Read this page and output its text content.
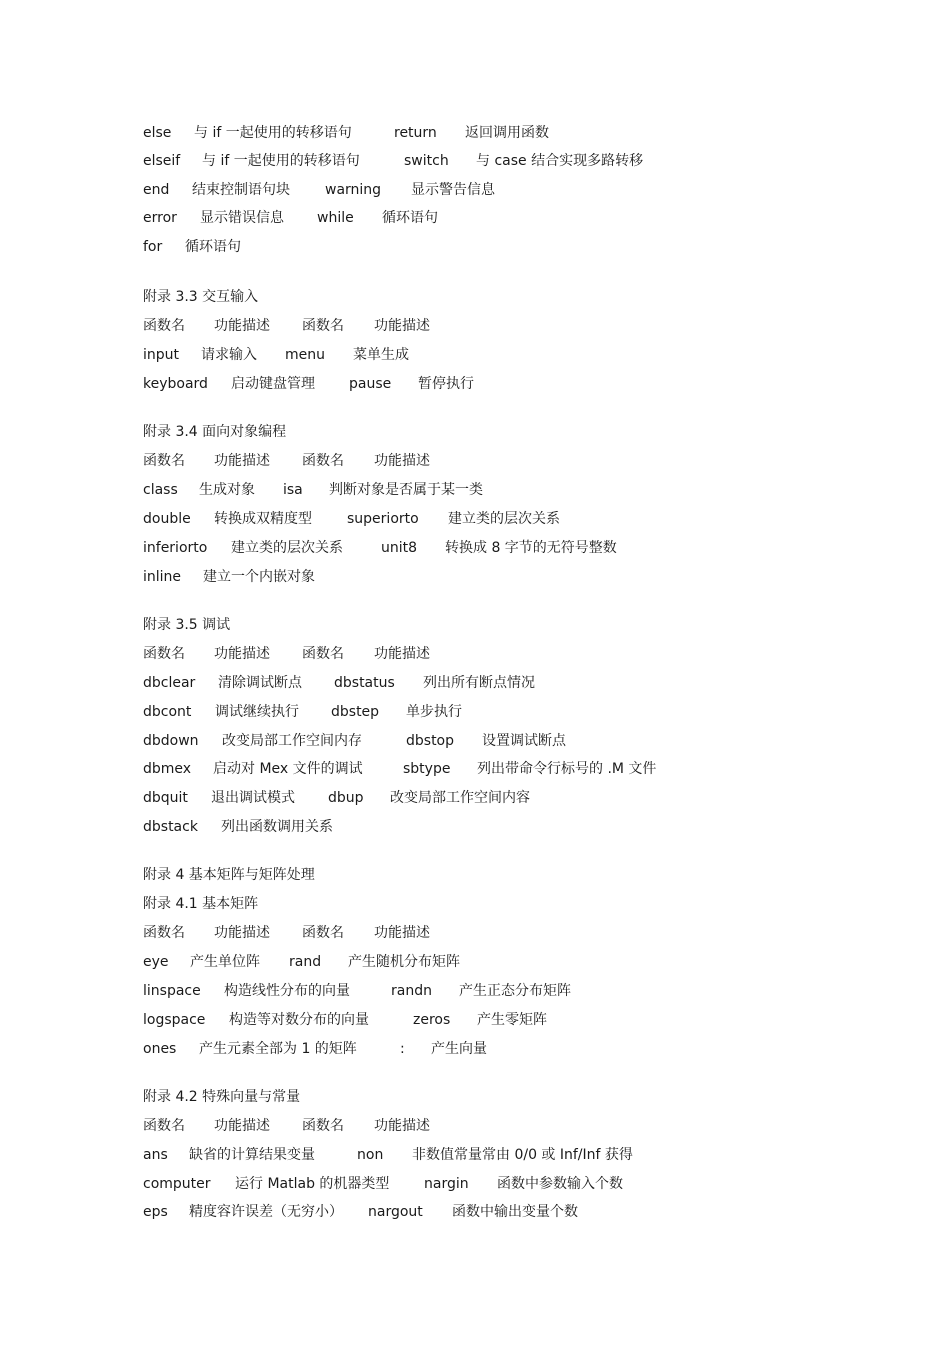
else 与 if 一起使用的转移语句	return 返回调用函数
elseif 与 if 一起使用的转移语句	switch 与 case 结合实现多路转移
end 结束控制语句块	warning 显示警告信息
error 显示错误信息 while 循环语句
for 循环语句
附录 3.3 交互输入
函数名 功能描述 函数名 功能描述
input 请求输入 menu 菜单生成
keyboard 启动键盘管理 pause 暂停执行
附录 3.4 面向对象编程
函数名 功能描述 函数名 功能描述
class 生成对象 isa 判断对象是否属于某一类
double 转换成双精度型	superiorto 建立类的层次关系
inferiorto 建立类的层次关系	unit8 转换成 8 字节的无符号整数
inline 建立一个内嵌对象
附录 3.5 调试
函数名 功能描述 函数名 功能描述
dbclear 清除调试断点 dbstatus 列出所有断点情况
dbcont 调试继续执行 dbstep 单步执行
dbdown 改变局部工作空间内存	dbstop 设置调试断点
dbmex 启动对 Mex 文件的调试	sbtype 列出带命令行标号的 .M 文件
dbquit 退出调试模式 dbup 改变局部工作空间内容
dbstack 列出函数调用关系
附录 4 基本矩阵与矩阵处理
附录 4.1 基本矩阵
函数名 功能描述 函数名 功能描述
eye 产生单位阵 rand 产生随机分布矩阵
linspace 构造线性分布的向量	randn 产生正态分布矩阵
logspace 构造等对数分布的向量	zeros 产生零矩阵
ones 产生元素全部为 1 的矩阵	: 产生向量
附录 4.2 特殊向量与常量
函数名 功能描述 函数名 功能描述
ans 缺省的计算结果变量	non 非数值常量常由 0/0 或 Inf/Inf 获得
computer 运行 Matlab 的机器类型 nargin 函数中参数输入个数
eps 精度容许误差（无穷小） nargout 函数中输出变量个数
